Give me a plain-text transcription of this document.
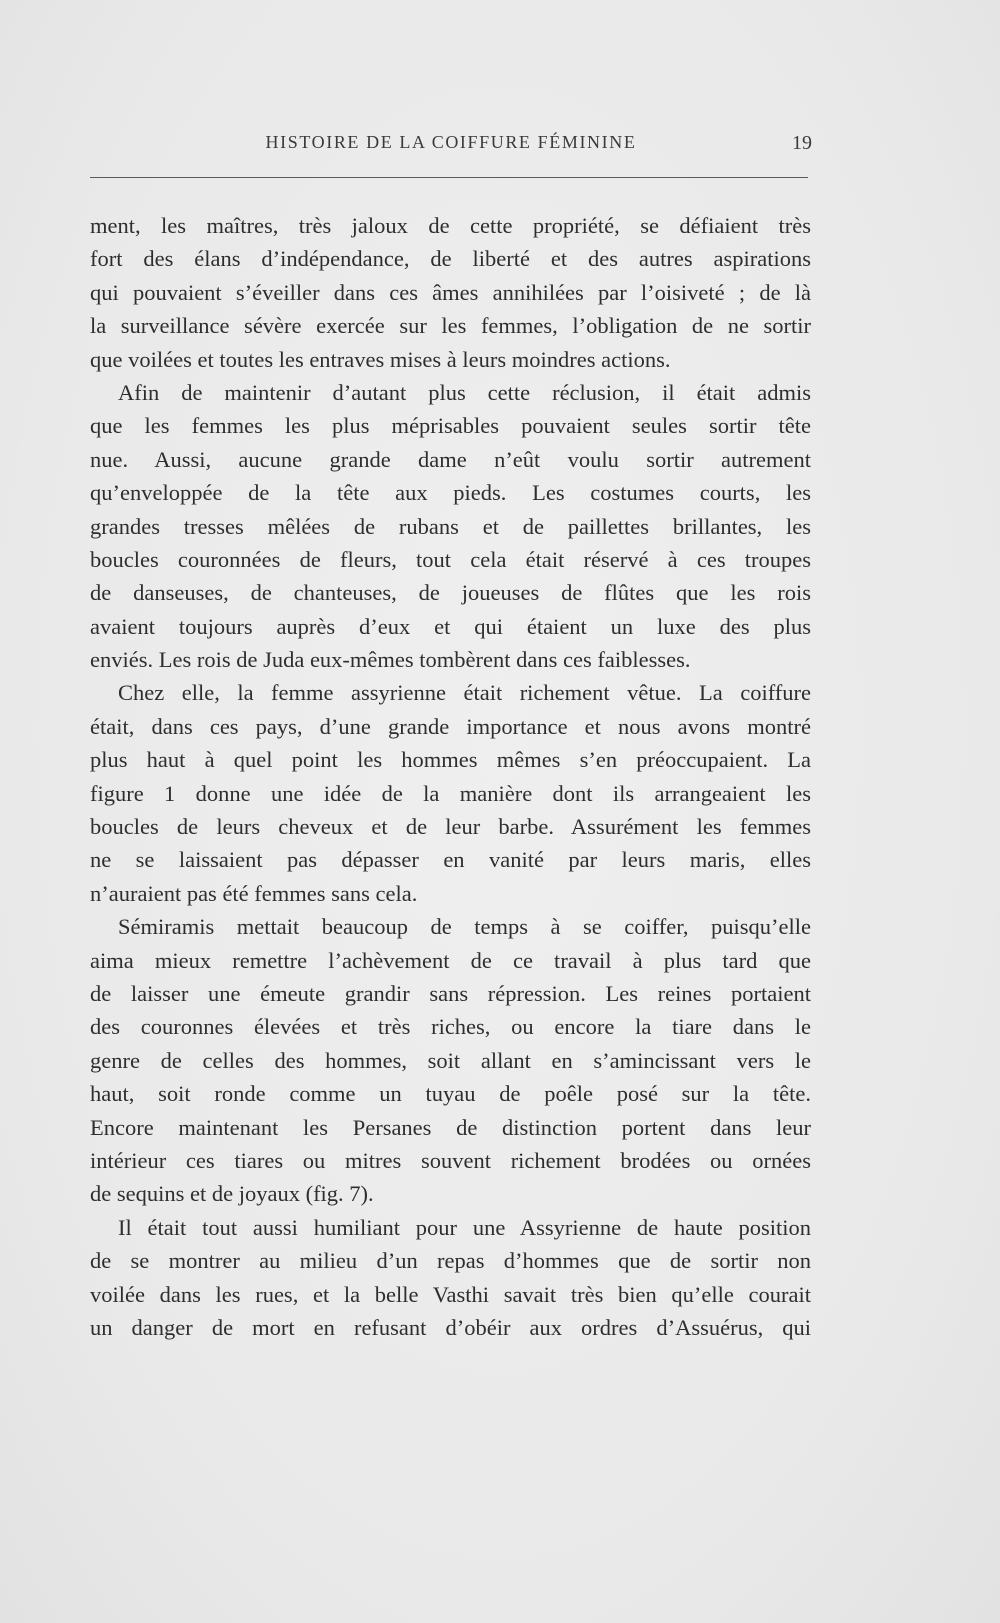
HISTOIRE DE LA COIFFURE FÉMININE	19
ment, les maîtres, très jaloux de cette propriété, se défiaient très
fort des élans d’indépendance, de liberté et des autres aspirations
qui pouvaient s’éveiller dans ces âmes annihilées par l’oisiveté ; de là
la surveillance sévère exercée sur les femmes, l’obligation de ne sortir
que voilées et toutes les entraves mises à leurs moindres actions.
Afin de maintenir d’autant plus cette réclusion, il était admis
que les femmes les plus méprisables pouvaient seules sortir tête
nue. Aussi, aucune grande dame n’eût voulu sortir autrement
qu’enveloppée de la tête aux pieds. Les costumes courts, les
grandes tresses mêlées de rubans et de paillettes brillantes, les
boucles couronnées de fleurs, tout cela était réservé à ces troupes
de danseuses, de chanteuses, de joueuses de flûtes que les rois
avaient toujours auprès d’eux et qui étaient un luxe des plus
enviés. Les rois de Juda eux-mêmes tombèrent dans ces faiblesses.
Chez elle, la femme assyrienne était richement vêtue. La coiffure
était, dans ces pays, d’une grande importance et nous avons montré
plus haut à quel point les hommes mêmes s’en préoccupaient. La
figure 1 donne une idée de la manière dont ils arrangeaient les
boucles de leurs cheveux et de leur barbe. Assurément les femmes
ne se laissaient pas dépasser en vanité par leurs maris, elles
n’auraient pas été femmes sans cela.
Sémiramis mettait beaucoup de temps à se coiffer, puisqu’elle
aima mieux remettre l’achèvement de ce travail à plus tard que
de laisser une émeute grandir sans répression. Les reines portaient
des couronnes élevées et très riches, ou encore la tiare dans le
genre de celles des hommes, soit allant en s’amincissant vers le
haut, soit ronde comme un tuyau de poêle posé sur la tête.
Encore maintenant les Persanes de distinction portent dans leur
intérieur ces tiares ou mitres souvent richement brodées ou ornées
de sequins et de joyaux (fig. 7).
Il était tout aussi humiliant pour une Assyrienne de haute position
de se montrer au milieu d’un repas d’hommes que de sortir non
voilée dans les rues, et la belle Vasthi savait très bien qu’elle courait
un danger de mort en refusant d’obéir aux ordres d’Assuérus, qui
